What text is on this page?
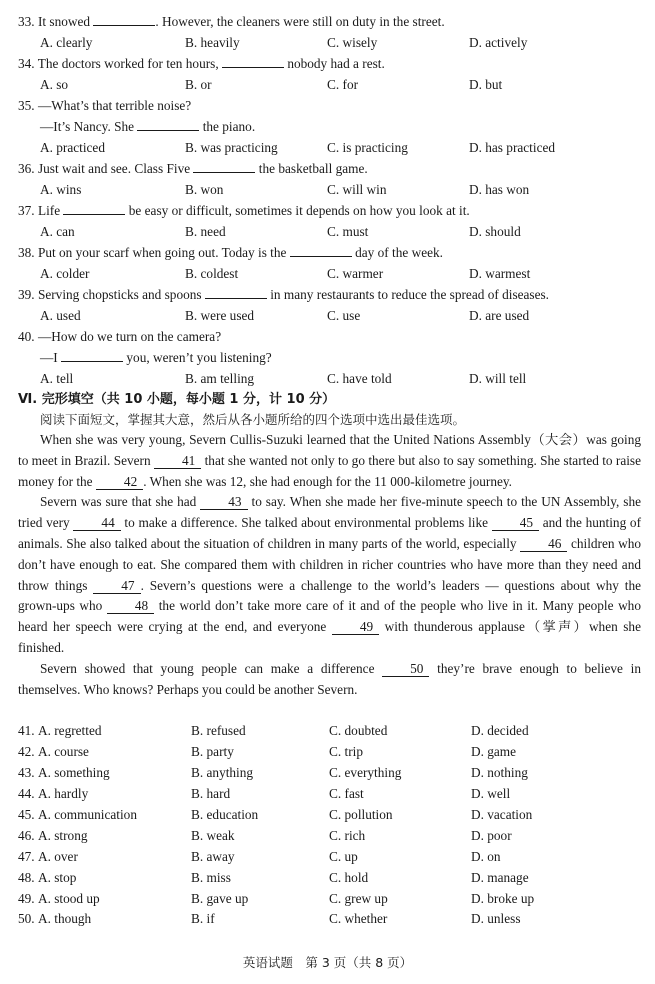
33. It snowed	. However, the cleaners were still on duty in the street.
A. clearly	B. heavily	C. wisely	D. actively
34. The doctors worked for ten hours,	nobody had a rest.
A. so	B. or	C. for	D. but
35. —What’s that terrible noise?
—It’s Nancy. She	the piano.
A. practiced	B. was practicing	C. is practicing	D. has practiced
36. Just wait and see. Class Five	the basketball game.
A. wins	B. won	C. will win	D. has won
37. Life	be easy or difficult, sometimes it depends on how you look at it.
A. can	B. need	C. must	D. should
38. Put on your scarf when going out. Today is the	day of the week.
A. colder	B. coldest	C. warmer	D. warmest
39. Serving chopsticks and spoons	in many restaurants to reduce the spread of diseases.
A. used	B. were used	C. use	D. are used
40. —How do we turn on the camera?
—I	you, weren’t you listening?
A. tell	B. am telling	C. have told	D. will tell
Ⅵ. 完形填空（共 10 小题，每小题 1 分，计 10 分）
阅读下面短文，掌握其大意，然后从各小题所给的四个选项中选出最佳选项。

When she was very young, Severn Cullis-Suzuki learned that the United Nations Assembly（大会）was going to meet in Brazil. Severn 41 that she wanted not only to go there but also to say something. She started to raise money for the 42 . When she was 12, she had enough for the 11 000-kilometre journey.

Severn was sure that she had 43 to say. When she made her five-minute speech to the UN Assembly, she tried very 44 to make a difference. She talked about environmental problems like 45 and the hunting of animals. She also talked about the situation of children in many parts of the world, especially 46 children who don’t have enough to eat. She compared them with children in richer countries who have more than they need and throw things 47 . Severn’s questions were a challenge to the world’s leaders — questions about why the grown-ups who 48 the world don’t take more care of it and of the people who live in it. Many people who heard her speech were crying at the end, and everyone 49 with thunderous applause（掌声）when she finished.

Severn showed that young people can make a difference 50 they’re brave enough to believe in themselves. Who knows? Perhaps you could be another Severn.

41. A. regretted	B. refused	C. doubted	D. decided
42. A. course	B. party	C. trip	D. game
43. A. something	B. anything	C. everything	D. nothing
44. A. hardly	B. hard	C. fast	D. well
45. A. communication	B. education	C. pollution	D. vacation
46. A. strong	B. weak	C. rich	D. poor
47. A. over	B. away	C. up	D. on
48. A. stop	B. miss	C. hold	D. manage
49. A. stood up	B. gave up	C. grew up	D. broke up
50. A. though	B. if	C. whether	D. unless
英语试题　第 3 页（共 8 页）
